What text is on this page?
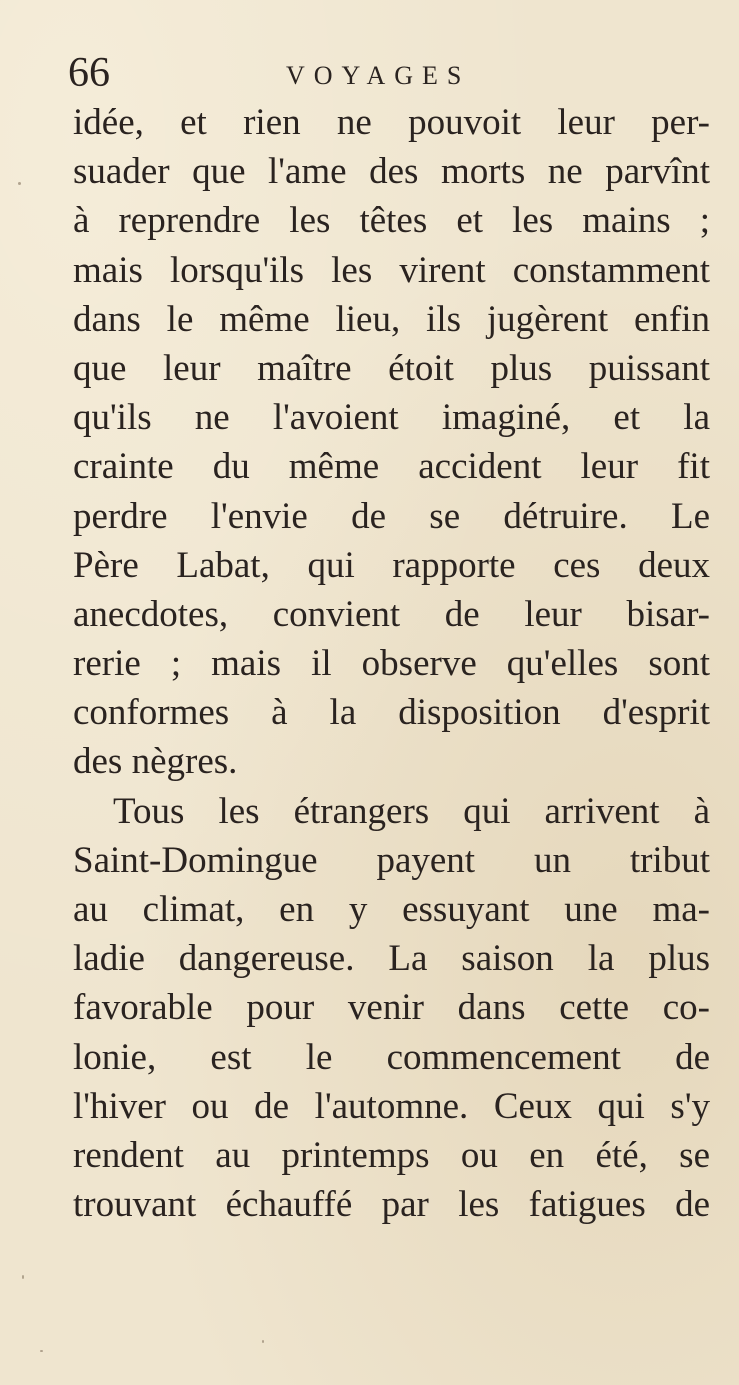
66	VOYAGES
idée, et rien ne pouvoit leur per-
suader que l'ame des morts ne parvînt
à reprendre les têtes et les mains ;
mais lorsqu'ils les virent constamment
dans le même lieu, ils jugèrent enfin
que leur maître étoit plus puissant
qu'ils ne l'avoient imaginé, et la
crainte du même accident leur fit
perdre l'envie de se détruire. Le
Père Labat, qui rapporte ces deux
anecdotes, convient de leur bisar-
rerie ; mais il observe qu'elles sont
conformes à la disposition d'esprit
des nègres.
Tous les étrangers qui arrivent à
Saint-Domingue payent un tribut
au climat, en y essuyant une ma-
ladie dangereuse. La saison la plus
favorable pour venir dans cette co-
lonie, est le commencement de
l'hiver ou de l'automne. Ceux qui s'y
rendent au printemps ou en été, se
trouvant échauffé par les fatigues de
